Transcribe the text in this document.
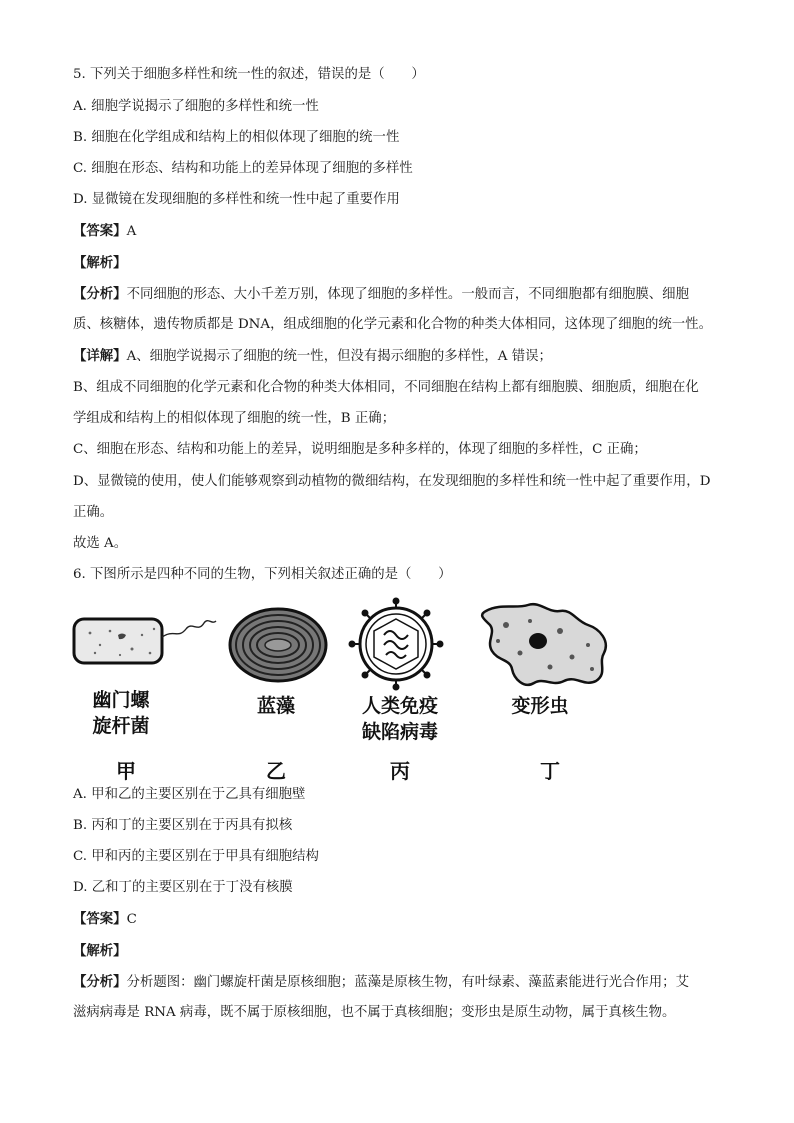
5. 下列关于细胞多样性和统一性的叙述，错误的是（　　）
A. 细胞学说揭示了细胞的多样性和统一性
B. 细胞在化学组成和结构上的相似体现了细胞的统一性
C. 细胞在形态、结构和功能上的差异体现了细胞的多样性
D. 显微镜在发现细胞的多样性和统一性中起了重要作用
【答案】A
【解析】
【分析】不同细胞的形态、大小千差万别，体现了细胞的多样性。一般而言，不同细胞都有细胞膜、细胞
质、核糖体，遗传物质都是 DNA，组成细胞的化学元素和化合物的种类大体相同，这体现了细胞的统一性。
【详解】A、细胞学说揭示了细胞的统一性，但没有揭示细胞的多样性，A 错误；
B、组成不同细胞的化学元素和化合物的种类大体相同，不同细胞在结构上都有细胞膜、细胞质，细胞在化
学组成和结构上的相似体现了细胞的统一性，B 正确；
C、细胞在形态、结构和功能上的差异，说明细胞是多种多样的，体现了细胞的多样性，C 正确；
D、显微镜的使用，使人们能够观察到动植物的微细结构，在发现细胞的多样性和统一性中起了重要作用，D
正确。
故选 A。
6. 下图所示是四种不同的生物，下列相关叙述正确的是（　　）
幽门螺
旋杆菌
蓝藻	人类免疫
缺陷病毒
变形虫
甲	乙	丙	丁
A. 甲和乙的主要区别在于乙具有细胞壁
B. 丙和丁的主要区别在于丙具有拟核
C. 甲和丙的主要区别在于甲具有细胞结构
D. 乙和丁的主要区别在于丁没有核膜
【答案】C
【解析】
【分析】分析题图：幽门螺旋杆菌是原核细胞；蓝藻是原核生物，有叶绿素、藻蓝素能进行光合作用；艾
滋病病毒是 RNA 病毒，既不属于原核细胞，也不属于真核细胞；变形虫是原生动物，属于真核生物。
